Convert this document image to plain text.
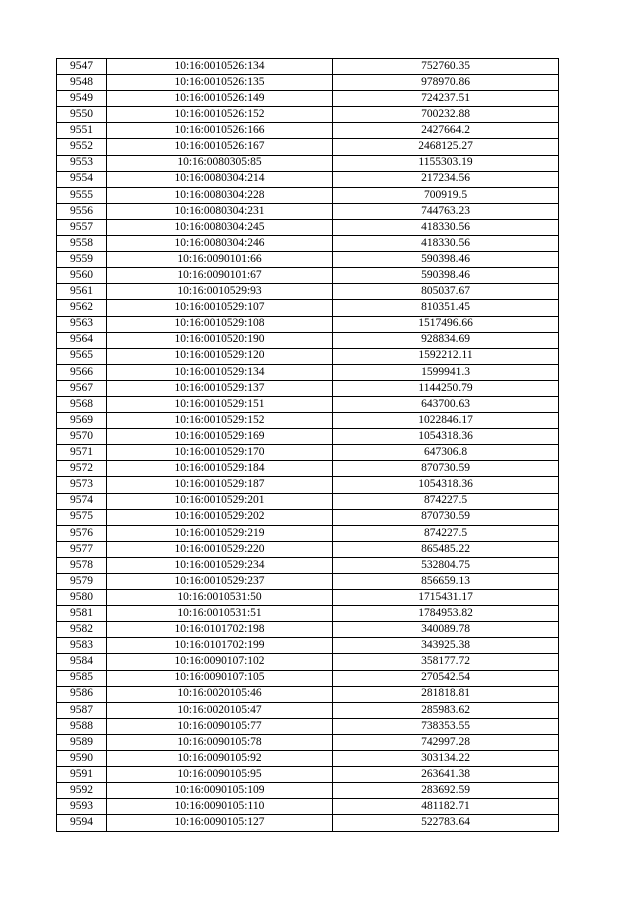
9547	10:16:0010526:134	752760.35
9548	10:16:0010526:135	978970.86
9549	10:16:0010526:149	724237.51
9550	10:16:0010526:152	700232.88
9551	10:16:0010526:166	2427664.2
9552	10:16:0010526:167	2468125.27
9553	10:16:0080305:85	1155303.19
9554	10:16:0080304:214	217234.56
9555	10:16:0080304:228	700919.5
9556	10:16:0080304:231	744763.23
9557	10:16:0080304:245	418330.56
9558	10:16:0080304:246	418330.56
9559	10:16:0090101:66	590398.46
9560	10:16:0090101:67	590398.46
9561	10:16:0010529:93	805037.67
9562	10:16:0010529:107	810351.45
9563	10:16:0010529:108	1517496.66
9564	10:16:0010520:190	928834.69
9565	10:16:0010529:120	1592212.11
9566	10:16:0010529:134	1599941.3
9567	10:16:0010529:137	1144250.79
9568	10:16:0010529:151	643700.63
9569	10:16:0010529:152	1022846.17
9570	10:16:0010529:169	1054318.36
9571	10:16:0010529:170	647306.8
9572	10:16:0010529:184	870730.59
9573	10:16:0010529:187	1054318.36
9574	10:16:0010529:201	874227.5
9575	10:16:0010529:202	870730.59
9576	10:16:0010529:219	874227.5
9577	10:16:0010529:220	865485.22
9578	10:16:0010529:234	532804.75
9579	10:16:0010529:237	856659.13
9580	10:16:0010531:50	1715431.17
9581	10:16:0010531:51	1784953.82
9582	10:16:0101702:198	340089.78
9583	10:16:0101702:199	343925.38
9584	10:16:0090107:102	358177.72
9585	10:16:0090107:105	270542.54
9586	10:16:0020105:46	281818.81
9587	10:16:0020105:47	285983.62
9588	10:16:0090105:77	738353.55
9589	10:16:0090105:78	742997.28
9590	10:16:0090105:92	303134.22
9591	10:16:0090105:95	263641.38
9592	10:16:0090105:109	283692.59
9593	10:16:0090105:110	481182.71
9594	10:16:0090105:127	522783.64
